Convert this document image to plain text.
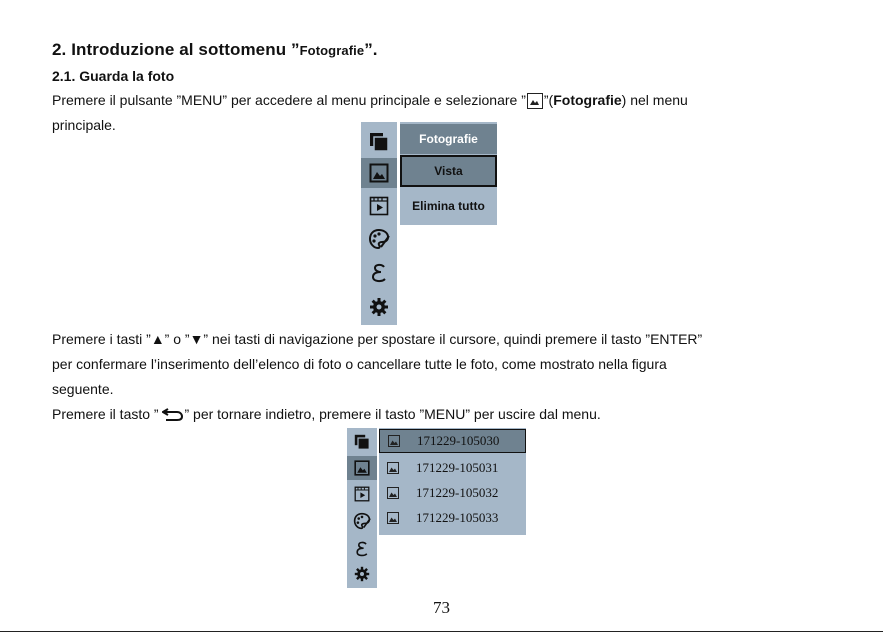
2. Introduzione al sottomenu ”Fotografie”.
2.1. Guarda la foto
Premere il pulsante ”MENU” per accedere al menu principale e selezionare ” ”(Fotografie) nel menu
principale.
Fotografie
Vista
Elimina tutto
Premere i tasti ”▲” o ”▼” nei tasti di navigazione per spostare il cursore, quindi premere il tasto ”ENTER”
per confermare l’inserimento dell’elenco di foto o cancellare tutte le foto, come mostrato nella figura
seguente.
Premere il tasto ” ” per tornare indietro, premere il tasto ”MENU” per uscire dal menu.
171229-105030
171229-105031
171229-105032
171229-105033
73
